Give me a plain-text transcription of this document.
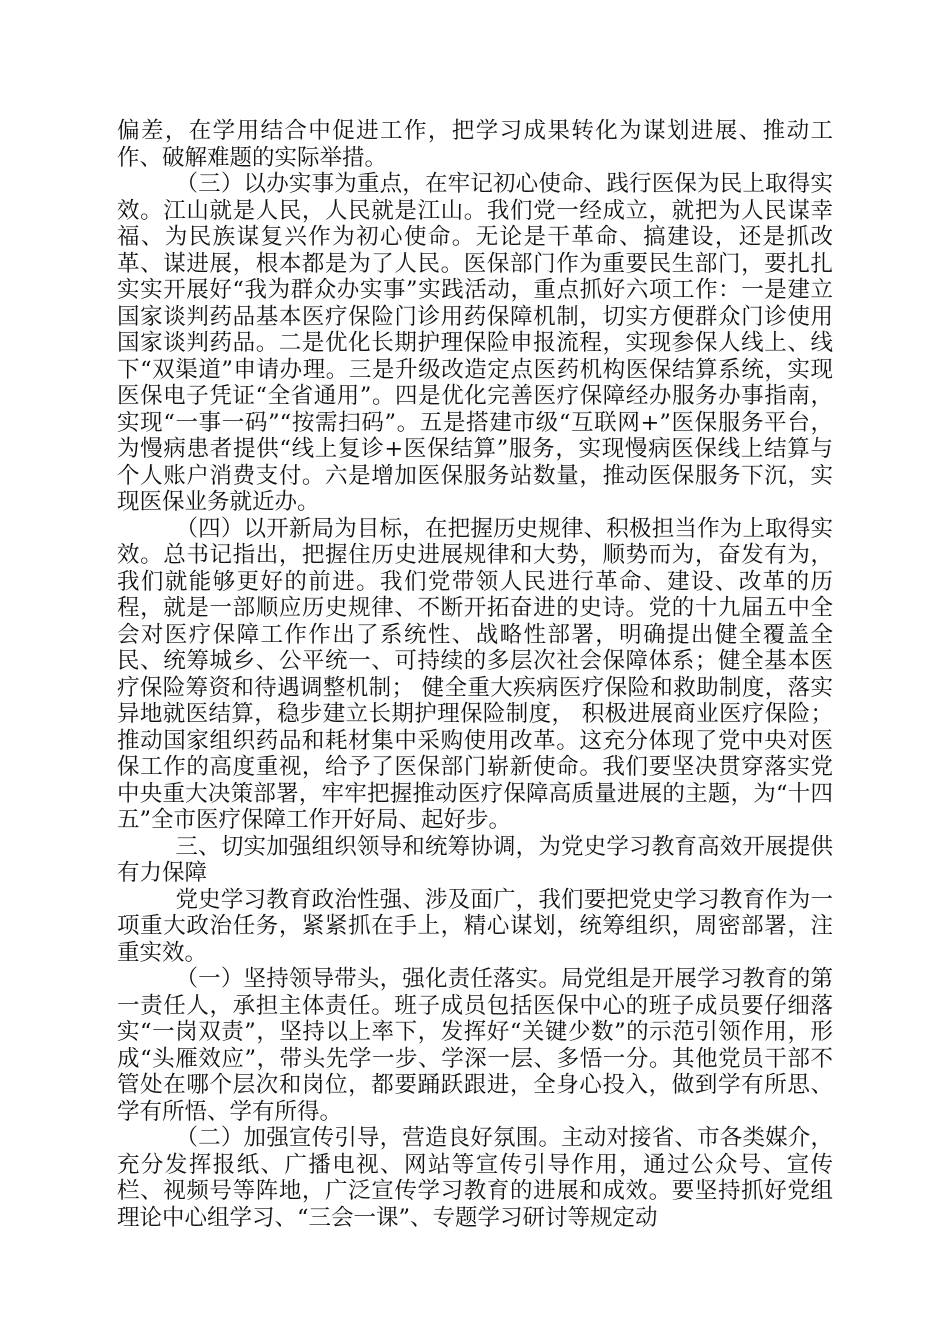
偏差，在学用结合中促进工作，把学习成果转化为谋划进展、推动工作、破解难题的实际举措。

（三）以办实事为重点，在牢记初心使命、践行医保为民上取得实效。江山就是人民，人民就是江山。我们党一经成立，就把为人民谋幸福、为民族谋复兴作为初心使命。无论是干革命、搞建设，还是抓改革、谋进展，根本都是为了人民。医保部门作为重要民生部门，要扎扎实实开展好“我为群众办实事”实践活动，重点抓好六项工作：一是建立国家谈判药品基本医疗保险门诊用药保障机制，切实方便群众门诊使用国家谈判药品。二是优化长期护理保险申报流程，实现参保人线上、线下“双渠道”申请办理。三是升级改造定点医药机构医保结算系统，实现医保电子凭证“全省通用”。四是优化完善医疗保障经办服务办事指南，实现“一事一码”“按需扫码”。五是搭建市级“互联网+”医保服务平台，为慢病患者提供“线上复诊+医保结算”服务，实现慢病医保线上结算与个人账户消费支付。六是增加医保服务站数量，推动医保服务下沉，实现医保业务就近办。

（四）以开新局为目标，在把握历史规律、积极担当作为上取得实效。总书记指出，把握住历史进展规律和大势，顺势而为，奋发有为，我们就能够更好的前进。我们党带领人民进行革命、建设、改革的历程，就是一部顺应历史规律、不断开拓奋进的史诗。党的十九届五中全会对医疗保障工作作出了系统性、战略性部署，明确提出健全覆盖全民、统筹城乡、公平统一、可持续的多层次社会保障体系；健全基本医疗保险筹资和待遇调整机制； 健全重大疾病医疗保险和救助制度，落实异地就医结算，稳步建立长期护理保险制度， 积极进展商业医疗保险；推动国家组织药品和耗材集中采购使用改革。这充分体现了党中央对医保工作的高度重视，给予了医保部门崭新使命。我们要坚决贯穿落实党中央重大决策部署，牢牢把握推动医疗保障高质量进展的主题，为“十四五”全市医疗保障工作开好局、起好步。

三、切实加强组织领导和统筹协调，为党史学习教育高效开展提供有力保障

党史学习教育政治性强、涉及面广，我们要把党史学习教育作为一项重大政治任务，紧紧抓在手上，精心谋划，统筹组织，周密部署，注重实效。

（一）坚持领导带头，强化责任落实。局党组是开展学习教育的第一责任人，承担主体责任。班子成员包括医保中心的班子成员要仔细落实“一岗双责”，坚持以上率下，发挥好“关键少数”的示范引领作用，形成“头雁效应”，带头先学一步、学深一层、多悟一分。其他党员干部不管处在哪个层次和岗位，都要踊跃跟进，全身心投入，做到学有所思、学有所悟、学有所得。

（二）加强宣传引导，营造良好氛围。主动对接省、市各类媒介，充分发挥报纸、广播电视、网站等宣传引导作用，通过公众号、宣传栏、视频号等阵地，广泛宣传学习教育的进展和成效。要坚持抓好党组理论中心组学习、“三会一课”、专题学习研讨等规定动
